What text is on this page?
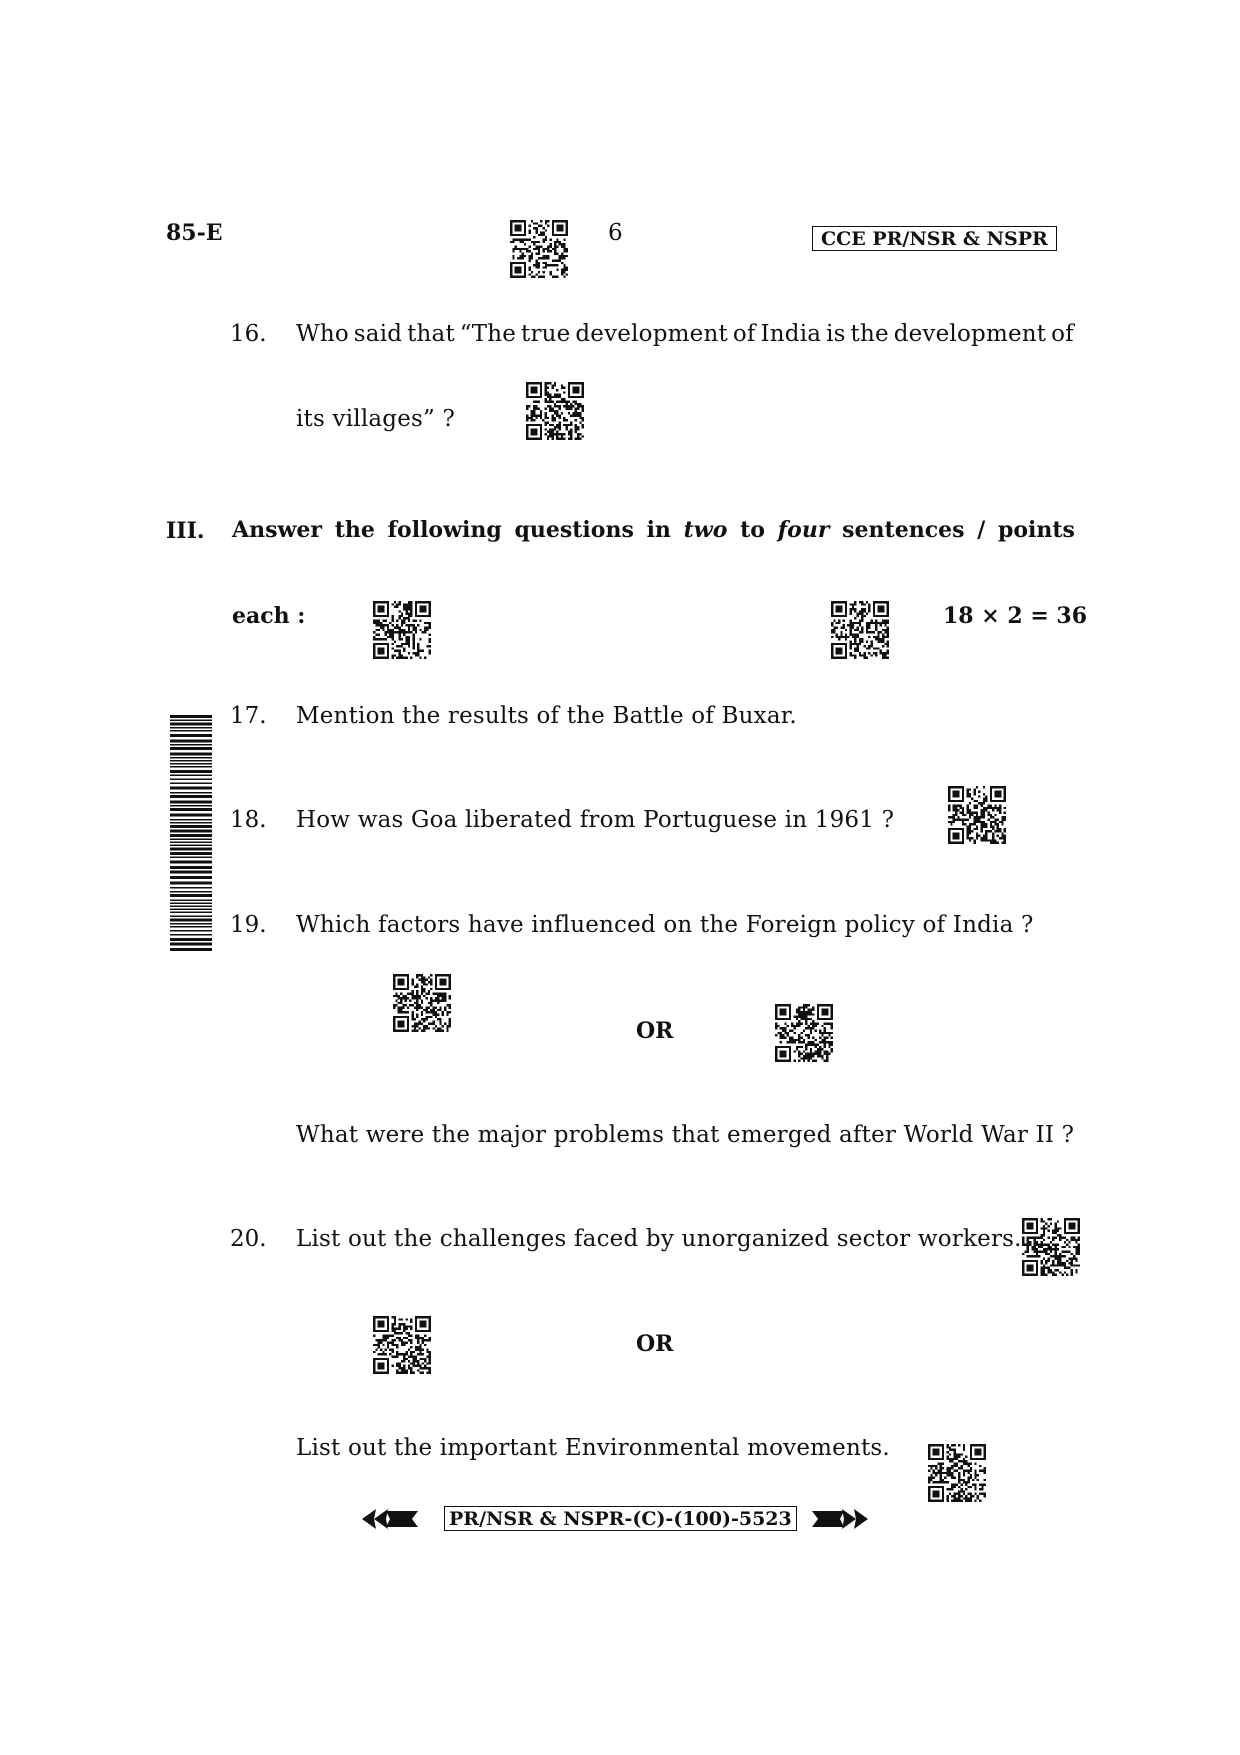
85-E	6	CCE PR/NSR & NSPR
16. Who said that “The true development of India is the development of
its villages” ?
III. Answer the following questions in two to four sentences / points
each :	18 × 2 = 36
17. Mention the results of the Battle of Buxar.
18. How was Goa liberated from Portuguese in 1961 ?
19. Which factors have influenced on the Foreign policy of India ?
OR
What were the major problems that emerged after World War II ?
20. List out the challenges faced by unorganized sector workers.
OR
List out the important Environmental movements.
PR/NSR & NSPR-(C)-(100)-5523
